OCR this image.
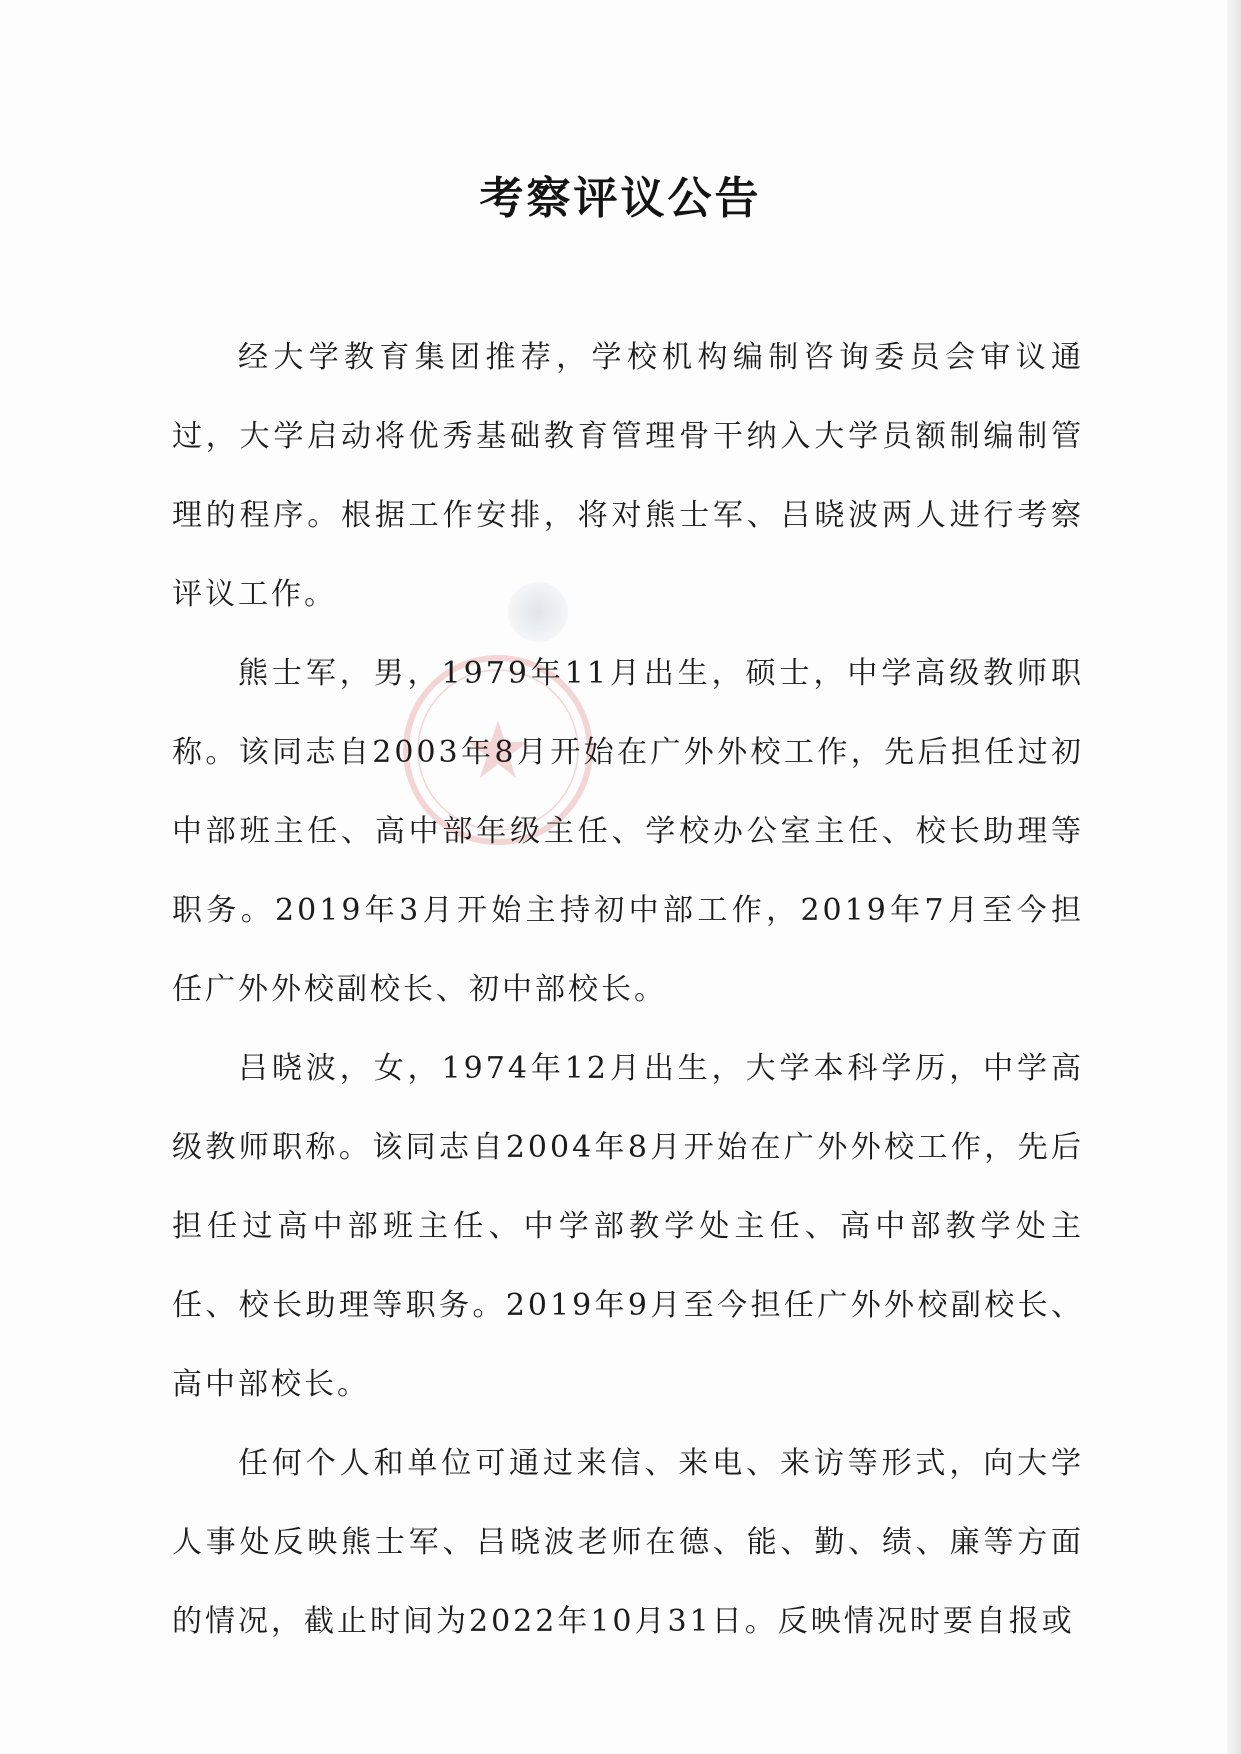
考察评议公告

经大学教育集团推荐，学校机构编制咨询委员会审议通过，大学启动将优秀基础教育管理骨干纳入大学员额制编制管理的程序。根据工作安排，将对熊士军、吕晓波两人进行考察评议工作。

熊士军，男，1979年11月出生，硕士，中学高级教师职称。该同志自2003年8月开始在广外外校工作，先后担任过初中部班主任、高中部年级主任、学校办公室主任、校长助理等职务。2019年3月开始主持初中部工作，2019年7月至今担任广外外校副校长、初中部校长。

吕晓波，女，1974年12月出生，大学本科学历，中学高级教师职称。该同志自2004年8月开始在广外外校工作，先后担任过高中部班主任、中学部教学处主任、高中部教学处主任、校长助理等职务。2019年9月至今担任广外外校副校长、高中部校长。

任何个人和单位可通过来信、来电、来访等形式，向大学人事处反映熊士军、吕晓波老师在德、能、勤、绩、廉等方面的情况，截止时间为2022年10月31日。反映情况时要自报或
